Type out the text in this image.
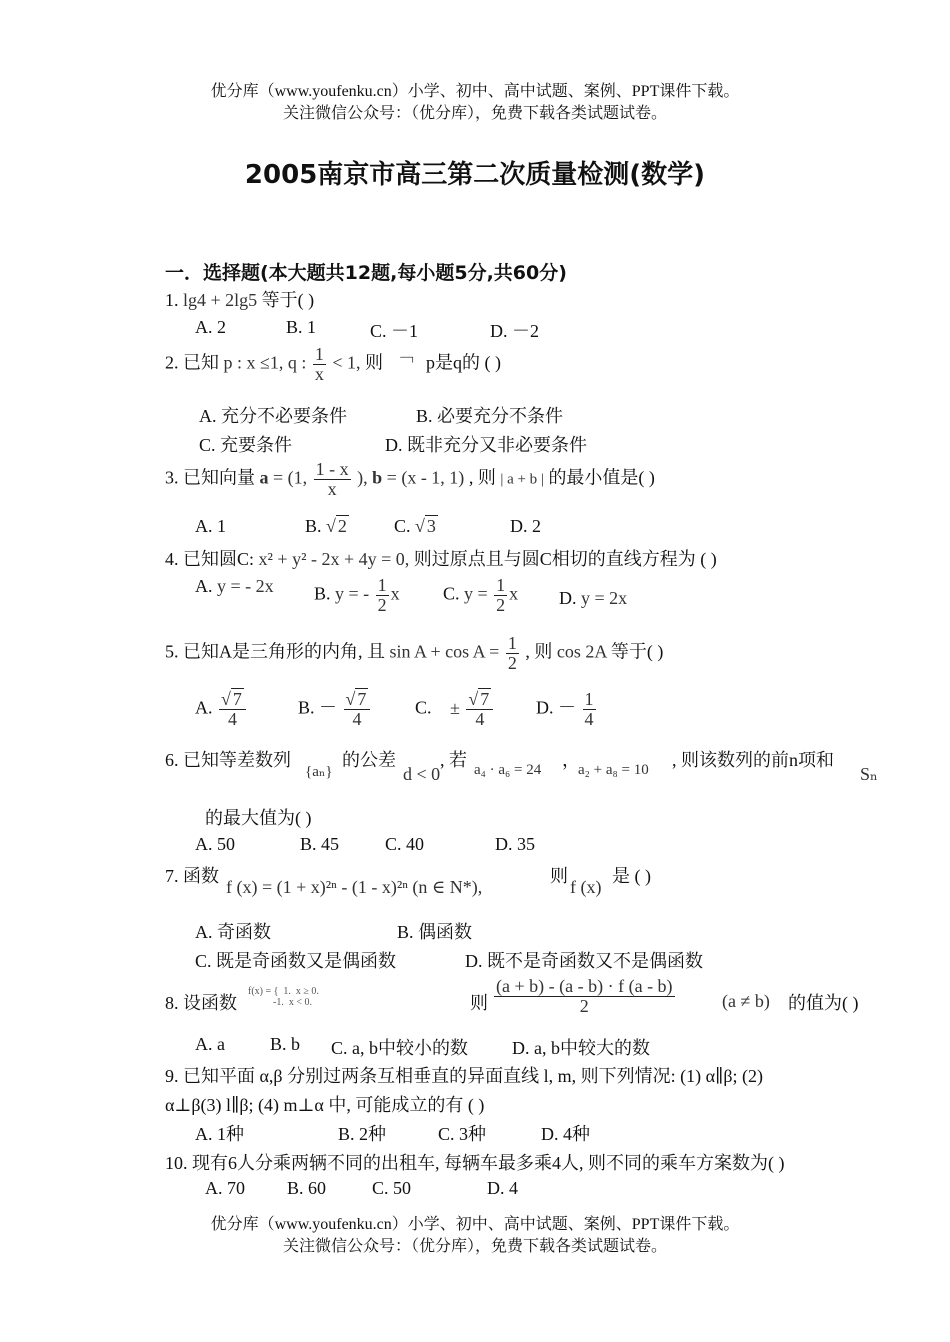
优分库（www.youfenku.cn）小学、初中、高中试题、案例、PPT课件下载。
关注微信公众号：（优分库），免费下载各类试题试卷。
2005南京市高三第二次质量检测(数学)
一．选择题(本大题共12题,每小题5分,共60分)
1. lg4 + 2lg5 等于( )
A. 2	B. 1	C. －1	D. －2
2. 已知 p : x ≤1, q : $\frac{1}{x} < 1$, 则 ﹁ p是q的 ( )
A. 充分不必要条件	B. 必要充分不条件
C. 充要条件	D. 既非充分又非必要条件
3. 已知向量 a = (1, $\frac{1 - x}{x}$ ), b = (x - 1, 1) , 则 | a + b | 的最小值是( )
A. 1	B. √ 2	C. √ 3	D. 2
4. 已知圆C: x² + y² - 2x + 4y = 0, 则过原点且与圆C相切的直线方程为 ( )
A. y = - 2x B. y = - $\frac{1}{2}$ x C. $y = \frac{1}{2}$ x D. y = 2x
5. 已知A是三角形的内角, 且 $\sin A + \cos A = \frac{1}{2}$ , 则 cos 2A 等于( )
A. $\frac{√ 7}{4}$	B. － $\frac{√ 7}{4} C$. ± $\frac{√ 7}{4} D$. － $\frac{1}{4}$
6. 已知等差数列
{aₙ}
的公差
d < 0
, 若 a₄ · a₆ = 24 ，
a₂ + a₈ = 10 , 则该数列的前n项和
Sₙ
的最大值为( )
A. 50	B. 45	C. 40	D. 35
7. 函数
f (x) = (1 + x)²ⁿ - (1 - x)²ⁿ (n ∈ N*),
则
f (x)
是 ( )
A. 奇函数	B. 偶函数
C. 既是奇函数又是偶函数	D. 既不是奇函数又不是偶函数
8. 设函数
f(x) = {  1.  x ≥ 0.
-1.  x < 0.	则 $\frac{(a + b) - (a - b) \cdot f (a - b)}{2}$	(a ≠ b) 的值为( )
A. a	B. b C. a, b中较小的数 D. a, b中较大的数
9. 已知平面 α,β 分别过两条互相垂直的异面直线 l, m, 则下列情况: (1) α∥β; (2)
α⊥β(3) l∥β; (4) m⊥α 中, 可能成立的有 ( )
A. 1种	B. 2种	C. 3种	D. 4种
10. 现有6人分乘两辆不同的出租车, 每辆车最多乘4人, 则不同的乘车方案数为( )
A. 70 B. 60	C. 50	D. 4
优分库（www.youfenku.cn）小学、初中、高中试题、案例、PPT课件下载。
关注微信公众号：（优分库），免费下载各类试题试卷。
